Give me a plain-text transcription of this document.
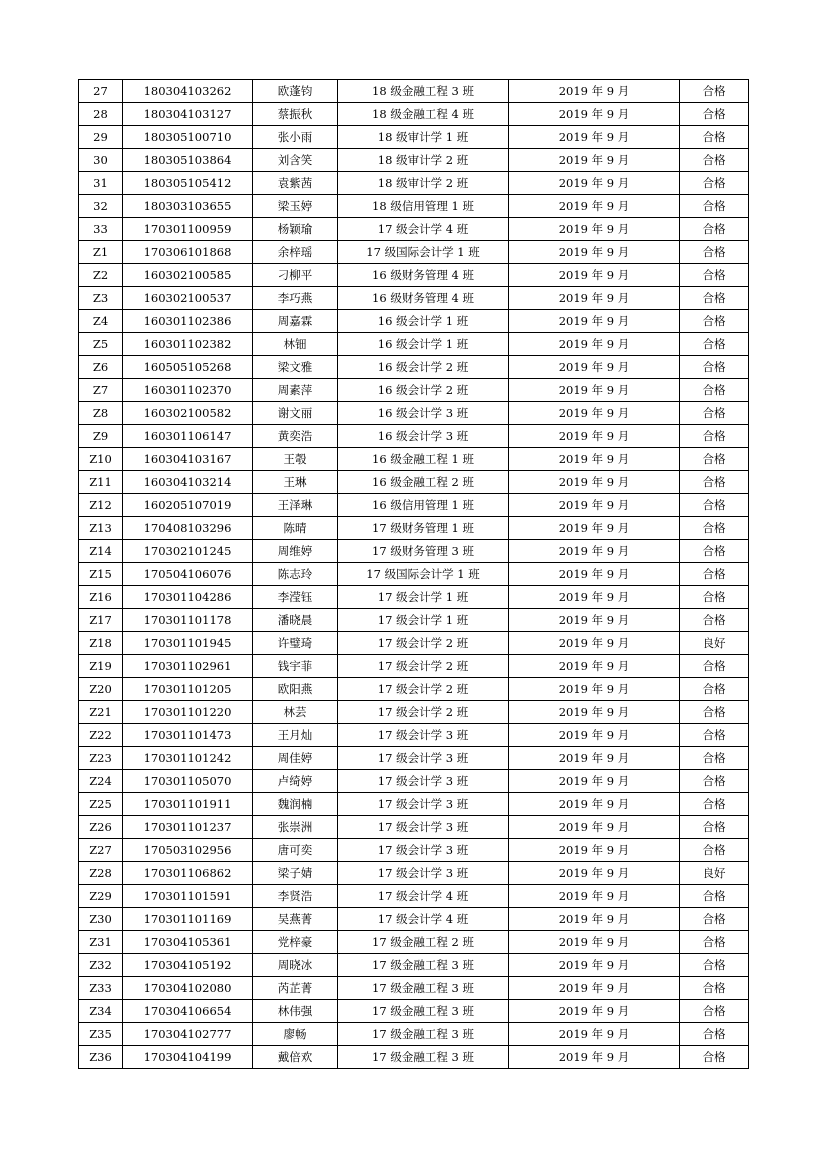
27	180304103262	欧蓬钧	18 级金融工程 3 班	2019 年 9 月	合格
28	180304103127	蔡振秋	18 级金融工程 4 班	2019 年 9 月	合格
29	180305100710	张小雨	18 级审计学 1 班	2019 年 9 月	合格
30	180305103864	刘含笑	18 级审计学 2 班	2019 年 9 月	合格
31	180305105412	袁紫茜	18 级审计学 2 班	2019 年 9 月	合格
32	180303103655	梁玉婷	18 级信用管理 1 班	2019 年 9 月	合格
33	170301100959	杨颖瑜	17 级会计学 4 班	2019 年 9 月	合格
Z1	170306101868	余梓瑶	17 级国际会计学 1 班	2019 年 9 月	合格
Z2	160302100585	刁柳平	16 级财务管理 4 班	2019 年 9 月	合格
Z3	160302100537	李巧燕	16 级财务管理 4 班	2019 年 9 月	合格
Z4	160301102386	周嘉霖	16 级会计学 1 班	2019 年 9 月	合格
Z5	160301102382	林钿	16 级会计学 1 班	2019 年 9 月	合格
Z6	160505105268	梁文雅	16 级会计学 2 班	2019 年 9 月	合格
Z7	160301102370	周素萍	16 级会计学 2 班	2019 年 9 月	合格
Z8	160302100582	谢文丽	16 级会计学 3 班	2019 年 9 月	合格
Z9	160301106147	黄奕浩	16 级会计学 3 班	2019 年 9 月	合格
Z10	160304103167	王彀	16 级金融工程 1 班	2019 年 9 月	合格
Z11	160304103214	王琳	16 级金融工程 2 班	2019 年 9 月	合格
Z12	160205107019	王泽琳	16 级信用管理 1 班	2019 年 9 月	合格
Z13	170408103296	陈晴	17 级财务管理 1 班	2019 年 9 月	合格
Z14	170302101245	周维婷	17 级财务管理 3 班	2019 年 9 月	合格
Z15	170504106076	陈志玲	17 级国际会计学 1 班	2019 年 9 月	合格
Z16	170301104286	李滢钰	17 级会计学 1 班	2019 年 9 月	合格
Z17	170301101178	潘晓晨	17 级会计学 1 班	2019 年 9 月	合格
Z18	170301101945	许璧琦	17 级会计学 2 班	2019 年 9 月	良好
Z19	170301102961	钱宇菲	17 级会计学 2 班	2019 年 9 月	合格
Z20	170301101205	欧阳燕	17 级会计学 2 班	2019 年 9 月	合格
Z21	170301101220	林芸	17 级会计学 2 班	2019 年 9 月	合格
Z22	170301101473	王月灿	17 级会计学 3 班	2019 年 9 月	合格
Z23	170301101242	周佳婷	17 级会计学 3 班	2019 年 9 月	合格
Z24	170301105070	卢绮婷	17 级会计学 3 班	2019 年 9 月	合格
Z25	170301101911	魏润楠	17 级会计学 3 班	2019 年 9 月	合格
Z26	170301101237	张崇洲	17 级会计学 3 班	2019 年 9 月	合格
Z27	170503102956	唐可奕	17 级会计学 3 班	2019 年 9 月	合格
Z28	170301106862	梁子婧	17 级会计学 3 班	2019 年 9 月	良好
Z29	170301101591	李贤浩	17 级会计学 4 班	2019 年 9 月	合格
Z30	170301101169	吴燕菁	17 级会计学 4 班	2019 年 9 月	合格
Z31	170304105361	党梓豪	17 级金融工程 2 班	2019 年 9 月	合格
Z32	170304105192	周晓冰	17 级金融工程 3 班	2019 年 9 月	合格
Z33	170304102080	芮芷菁	17 级金融工程 3 班	2019 年 9 月	合格
Z34	170304106654	林伟强	17 级金融工程 3 班	2019 年 9 月	合格
Z35	170304102777	廖畅	17 级金融工程 3 班	2019 年 9 月	合格
Z36	170304104199	戴倍欢	17 级金融工程 3 班	2019 年 9 月	合格
